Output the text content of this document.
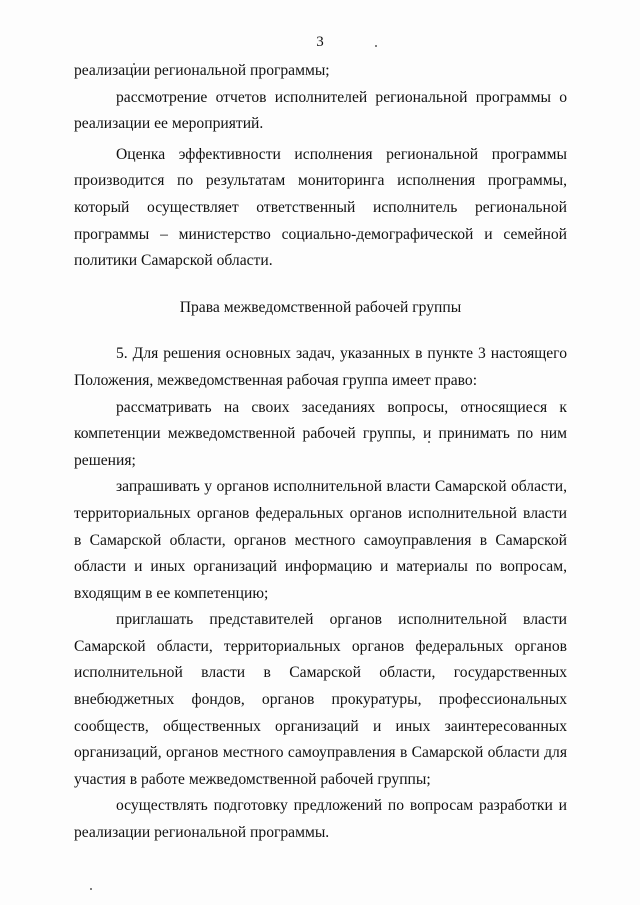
3

реализации региональной программы;

рассмотрение отчетов исполнителей региональной программы о реализации ее мероприятий.

Оценка эффективности исполнения региональной программы производится по результатам мониторинга исполнения программы, который осуществляет ответственный исполнитель региональной программы – министерство социально-демографической и семейной политики Самарской области.

Права межведомственной рабочей группы

5. Для решения основных задач, указанных в пункте 3 настоящего Положения, межведомственная рабочая группа имеет право:

рассматривать на своих заседаниях вопросы, относящиеся к компетенции межведомственной рабочей группы, и принимать по ним решения;

запрашивать у органов исполнительной власти Самарской области, территориальных органов федеральных органов исполнительной власти в Самарской области, органов местного самоуправления в Самарской области и иных организаций информацию и материалы по вопросам, входящим в ее компетенцию;

приглашать представителей органов исполнительной власти Самарской области, территориальных органов федеральных органов исполнительной власти в Самарской области, государственных внебюджетных фондов, органов прокуратуры, профессиональных сообществ, общественных организаций и иных заинтересованных организаций, органов местного самоуправления в Самарской области для участия в работе межведомственной рабочей группы;

осуществлять подготовку предложений по вопросам разработки и реализации региональной программы.
